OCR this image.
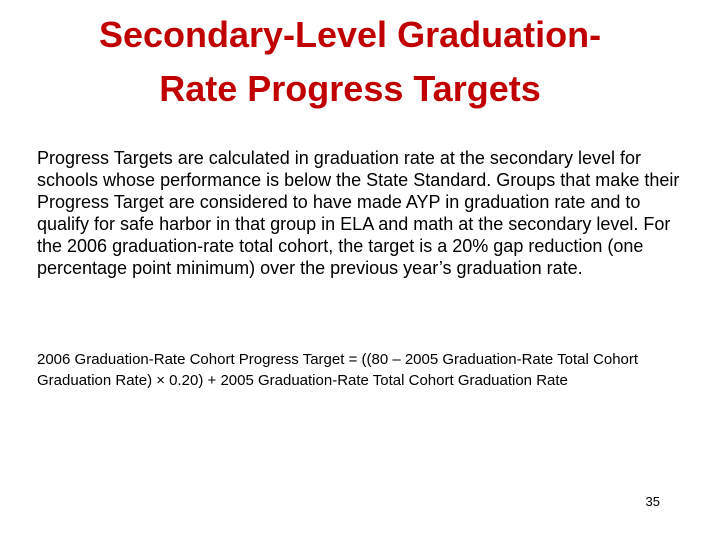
Secondary-Level Graduation-
Rate Progress Targets

Progress Targets are calculated in graduation rate at the secondary level for schools whose performance is below the State Standard. Groups that make their Progress Target are considered to have made AYP in graduation rate and to qualify for safe harbor in that group in ELA and math at the secondary level. For the 2006 graduation-rate total cohort, the target is a 20% gap reduction (one percentage point minimum) over the previous year’s graduation rate.

2006 Graduation-Rate Cohort Progress Target = ((80 – 2005 Graduation-Rate Total Cohort Graduation Rate) × 0.20) + 2005 Graduation-Rate Total Cohort Graduation Rate

35
